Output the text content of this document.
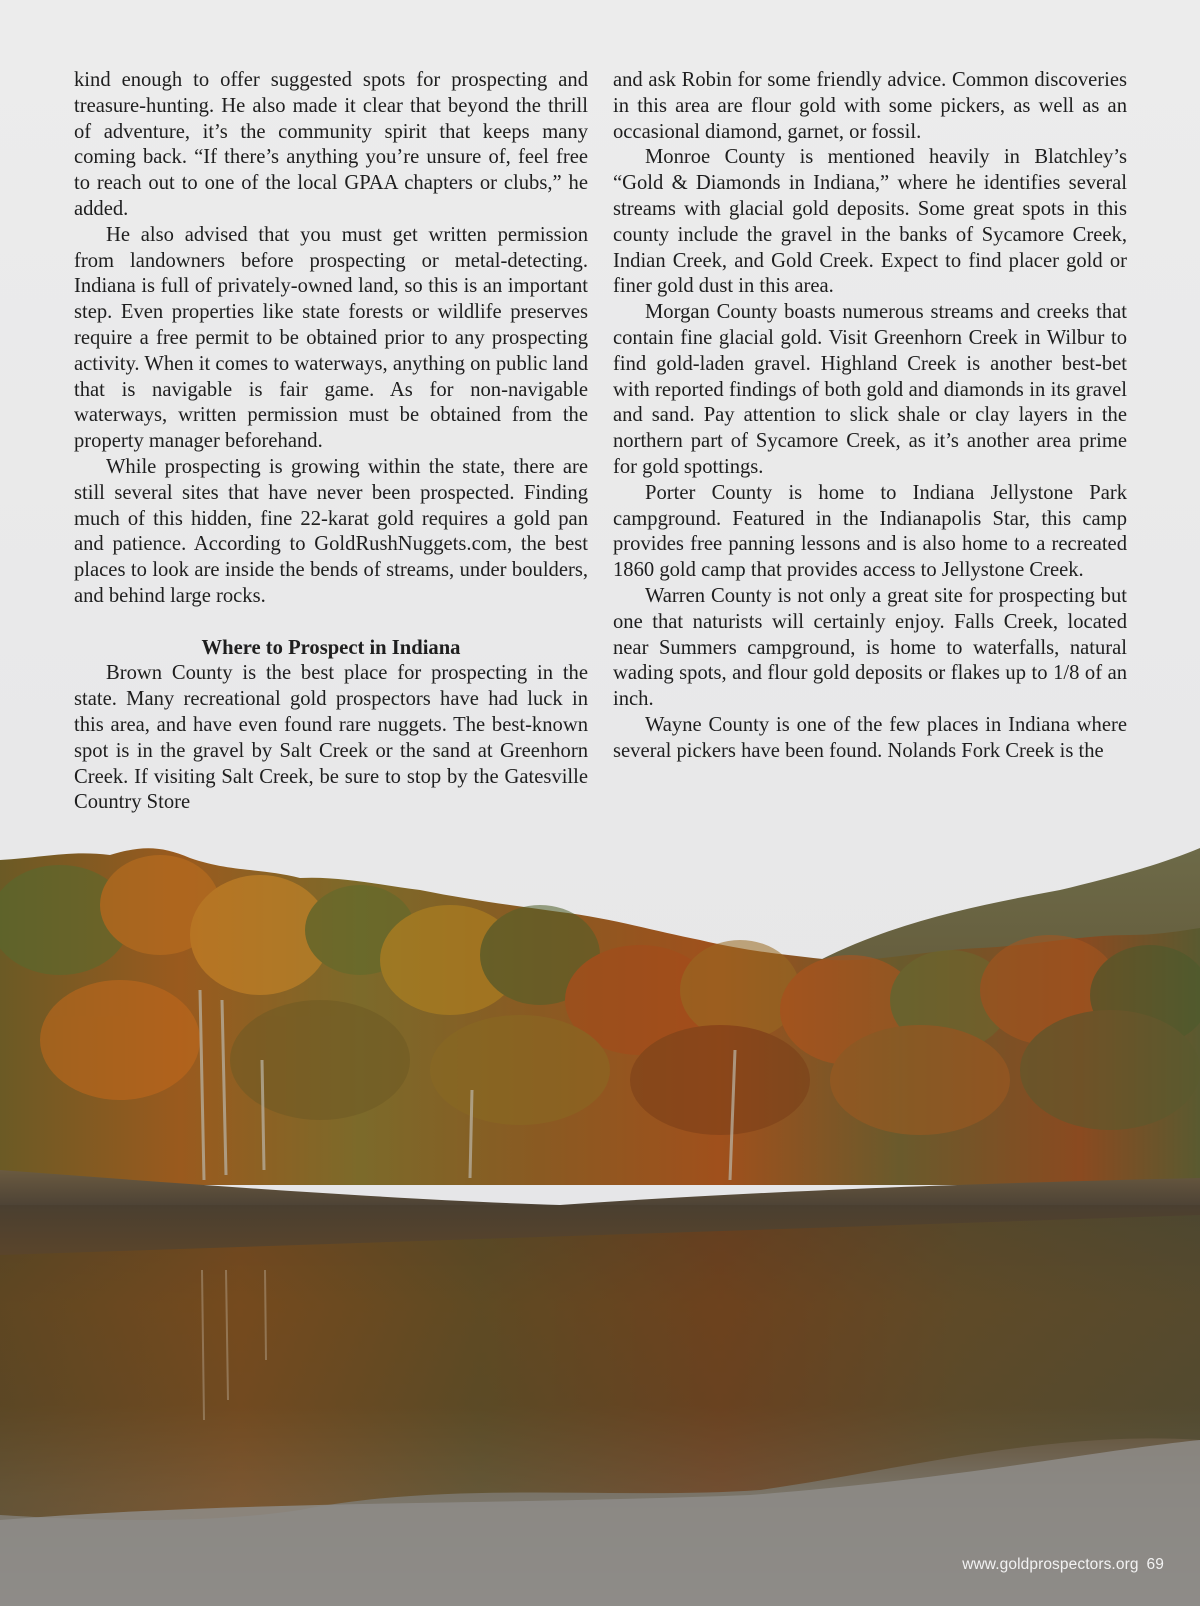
kind enough to offer suggested spots for prospecting and treasure-hunting. He also made it clear that beyond the thrill of adventure, it’s the community spirit that keeps many coming back. “If there’s anything you’re unsure of, feel free to reach out to one of the local GPAA chapters or clubs,” he added.

He also advised that you must get written permission from landowners before prospecting or metal-detecting. Indiana is full of privately-owned land, so this is an important step. Even properties like state forests or wildlife preserves require a free permit to be obtained prior to any prospecting activity. When it comes to waterways, anything on public land that is navigable is fair game. As for non-navigable waterways, written permission must be obtained from the property manager beforehand.

While prospecting is growing within the state, there are still several sites that have never been prospected. Finding much of this hidden, fine 22-karat gold requires a gold pan and patience. According to GoldRushNuggets.com, the best places to look are inside the bends of streams, under boulders, and behind large rocks.

Where to Prospect in Indiana

Brown County is the best place for prospecting in the state. Many recreational gold prospectors have had luck in this area, and have even found rare nuggets. The best-known spot is in the gravel by Salt Creek or the sand at Greenhorn Creek. If visiting Salt Creek, be sure to stop by the Gatesville Country Store

and ask Robin for some friendly advice. Common discoveries in this area are flour gold with some pickers, as well as an occasional diamond, garnet, or fossil.

Monroe County is mentioned heavily in Blatchley’s “Gold & Diamonds in Indiana,” where he identifies several streams with glacial gold deposits. Some great spots in this county include the gravel in the banks of Sycamore Creek, Indian Creek, and Gold Creek. Expect to find placer gold or finer gold dust in this area.

Morgan County boasts numerous streams and creeks that contain fine glacial gold. Visit Greenhorn Creek in Wilbur to find gold-laden gravel. Highland Creek is another best-bet with reported findings of both gold and diamonds in its gravel and sand. Pay attention to slick shale or clay layers in the northern part of Sycamore Creek, as it’s another area prime for gold spottings.

Porter County is home to Indiana Jellystone Park campground. Featured in the Indianapolis Star, this camp provides free panning lessons and is also home to a recreated 1860 gold camp that provides access to Jellystone Creek.

Warren County is not only a great site for prospecting but one that naturists will certainly enjoy. Falls Creek, located near Summers campground, is home to waterfalls, natural wading spots, and flour gold deposits or flakes up to 1/8 of an inch.

Wayne County is one of the few places in Indiana where several pickers have been found. Nolands Fork Creek is the

www.goldprospectors.org 69
